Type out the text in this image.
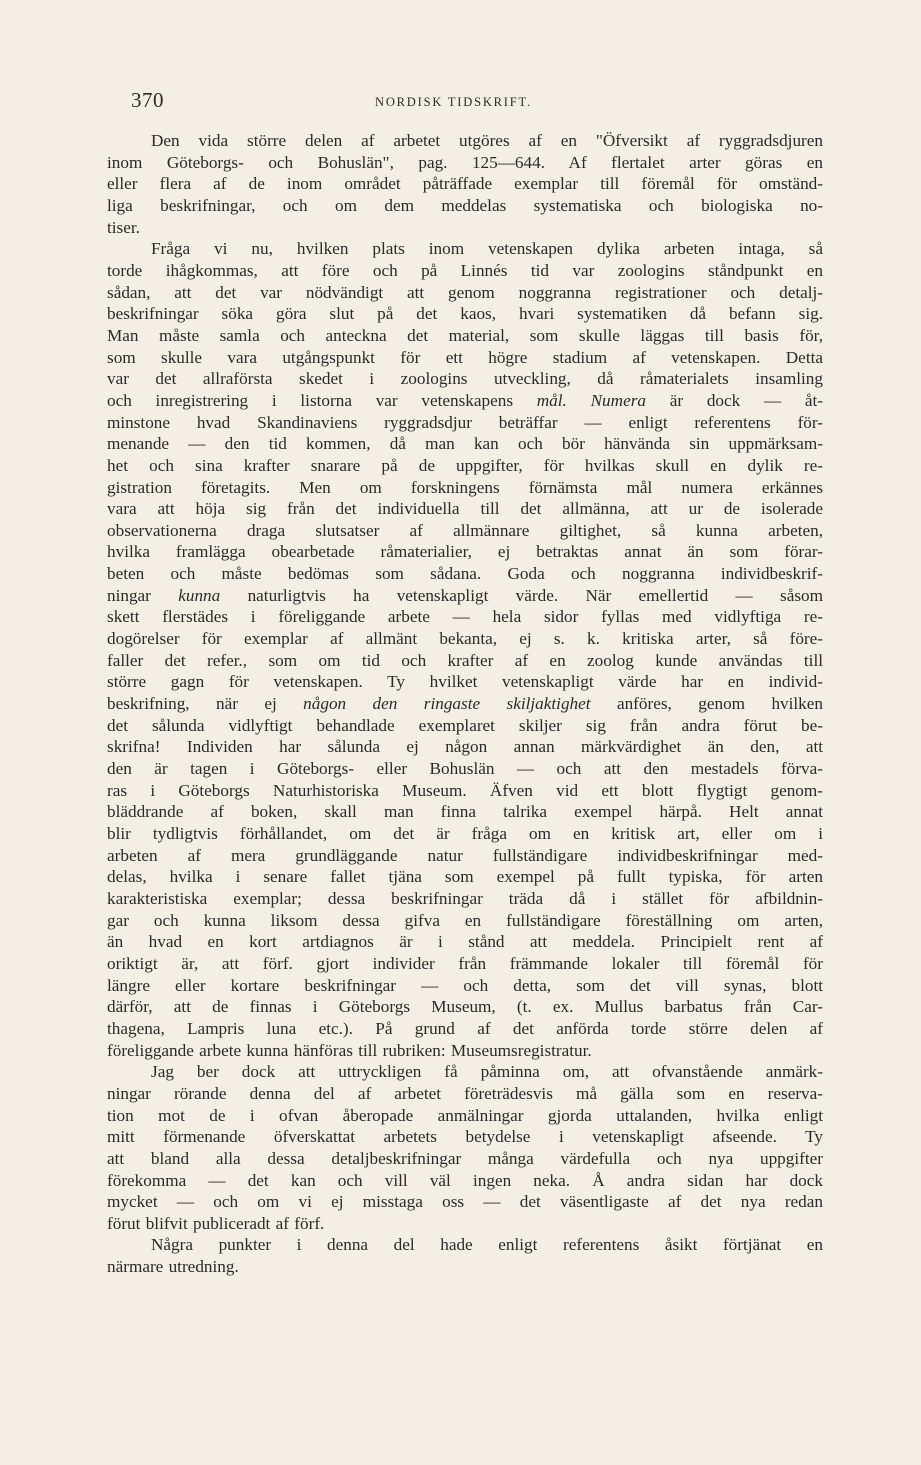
370	NORDISK TIDSKRIFT.
Den vida större delen af arbetet utgöres af en "Öfversikt af ryggradsdjuren
inom Göteborgs- och Bohuslän", pag. 125—644. Af flertalet arter göras en
eller flera af de inom området påträffade exemplar till föremål för omständ-
liga beskrifningar, och om dem meddelas systematiska och biologiska no-
tiser.
Fråga vi nu, hvilken plats inom vetenskapen dylika arbeten intaga, så
torde ihågkommas, att före och på Linnés tid var zoologins ståndpunkt en
sådan, att det var nödvändigt att genom noggranna registrationer och detalj-
beskrifningar söka göra slut på det kaos, hvari systematiken då befann sig.
Man måste samla och anteckna det material, som skulle läggas till basis för,
som skulle vara utgångspunkt för ett högre stadium af vetenskapen. Detta
var det allraförsta skedet i zoologins utveckling, då råmaterialets insamling
och inregistrering i listorna var vetenskapens mål. Numera är dock — åt-
minstone hvad Skandinaviens ryggradsdjur beträffar — enligt referentens för-
menande — den tid kommen, då man kan och bör hänvända sin uppmärksam-
het och sina krafter snarare på de uppgifter, för hvilkas skull en dylik re-
gistration företagits. Men om forskningens förnämsta mål numera erkännes
vara att höja sig från det individuella till det allmänna, att ur de isolerade
observationerna draga slutsatser af allmännare giltighet, så kunna arbeten,
hvilka framlägga obearbetade råmaterialier, ej betraktas annat än som förar-
beten och måste bedömas som sådana. Goda och noggranna individbeskrif-
ningar kunna naturligtvis ha vetenskapligt värde. När emellertid — såsom
skett flerstädes i föreliggande arbete — hela sidor fyllas med vidlyftiga re-
dogörelser för exemplar af allmänt bekanta, ej s. k. kritiska arter, så före-
faller det refer., som om tid och krafter af en zoolog kunde användas till
större gagn för vetenskapen. Ty hvilket vetenskapligt värde har en individ-
beskrifning, när ej någon den ringaste skiljaktighet anföres, genom hvilken
det sålunda vidlyftigt behandlade exemplaret skiljer sig från andra förut be-
skrifna! Individen har sålunda ej någon annan märkvärdighet än den, att
den är tagen i Göteborgs- eller Bohuslän — och att den mestadels förva-
ras i Göteborgs Naturhistoriska Museum. Äfven vid ett blott flygtigt genom-
bläddrande af boken, skall man finna talrika exempel härpå. Helt annat
blir tydligtvis förhållandet, om det är fråga om en kritisk art, eller om i
arbeten af mera grundläggande natur fullständigare individbeskrifningar med-
delas, hvilka i senare fallet tjäna som exempel på fullt typiska, för arten
karakteristiska exemplar; dessa beskrifningar träda då i stället för afbildnin-
gar och kunna liksom dessa gifva en fullständigare föreställning om arten,
än hvad en kort artdiagnos är i stånd att meddela. Principielt rent af
oriktigt är, att förf. gjort individer från främmande lokaler till föremål för
längre eller kortare beskrifningar — och detta, som det vill synas, blott
därför, att de finnas i Göteborgs Museum, (t. ex. Mullus barbatus från Car-
thagena, Lampris luna etc.). På grund af det anförda torde större delen af
föreliggande arbete kunna hänföras till rubriken: Museumsregistratur.
Jag ber dock att uttryckligen få påminna om, att ofvanstående anmärk-
ningar rörande denna del af arbetet företrädesvis må gälla som en reserva-
tion mot de i ofvan åberopade anmälningar gjorda uttalanden, hvilka enligt
mitt förmenande öfverskattat arbetets betydelse i vetenskapligt afseende. Ty
att bland alla dessa detaljbeskrifningar många värdefulla och nya uppgifter
förekomma — det kan och vill väl ingen neka. Å andra sidan har dock
mycket — och om vi ej misstaga oss — det väsentligaste af det nya redan
förut blifvit publiceradt af förf.
Några punkter i denna del hade enligt referentens åsikt förtjänat en
närmare utredning.
